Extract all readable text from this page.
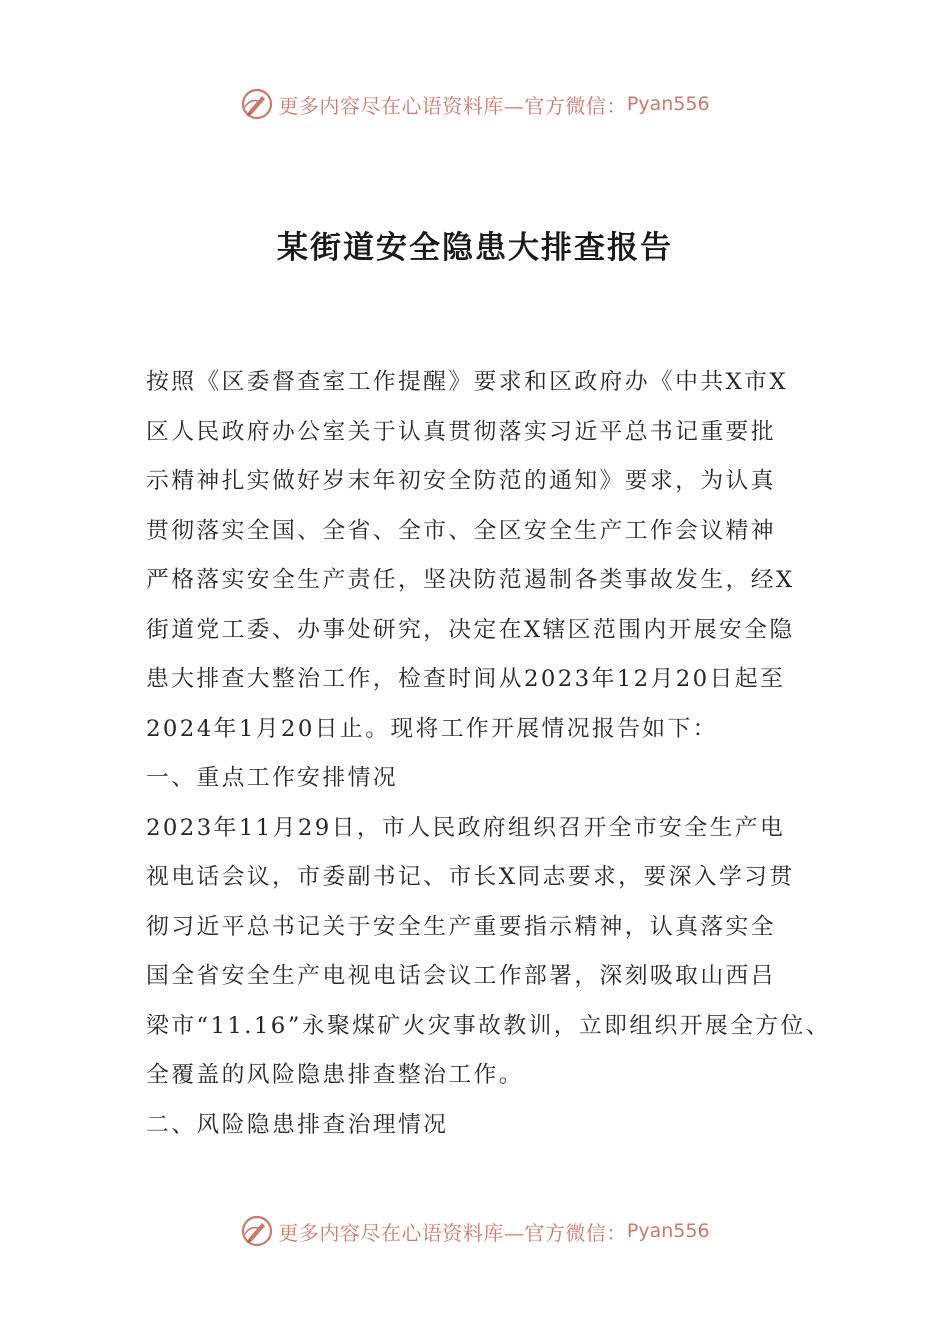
更多内容尽在心语资料库—官方微信： Pyan556
某街道安全隐患大排查报告
按照《区委督查室工作提醒》要求和区政府办《中共X市X
区人民政府办公室关于认真贯彻落实习近平总书记重要批
示精神扎实做好岁末年初安全防范的通知》要求，为认真
贯彻落实全国、全省、全市、全区安全生产工作会议精神
严格落实安全生产责任，坚决防范遏制各类事故发生，经X
街道党工委、办事处研究，决定在X辖区范围内开展安全隐
患大排查大整治工作，检查时间从2023年12月20日起至
2024年1月20日止。现将工作开展情况报告如下：
一、重点工作安排情况
2023年11月29日，市人民政府组织召开全市安全生产电
视电话会议，市委副书记、市长X同志要求，要深入学习贯
彻习近平总书记关于安全生产重要指示精神，认真落实全
国全省安全生产电视电话会议工作部署，深刻吸取山西吕
梁市“11.16”永聚煤矿火灾事故教训，立即组织开展全方位、
全覆盖的风险隐患排查整治工作。
二、风险隐患排查治理情况
更多内容尽在心语资料库—官方微信： Pyan556
